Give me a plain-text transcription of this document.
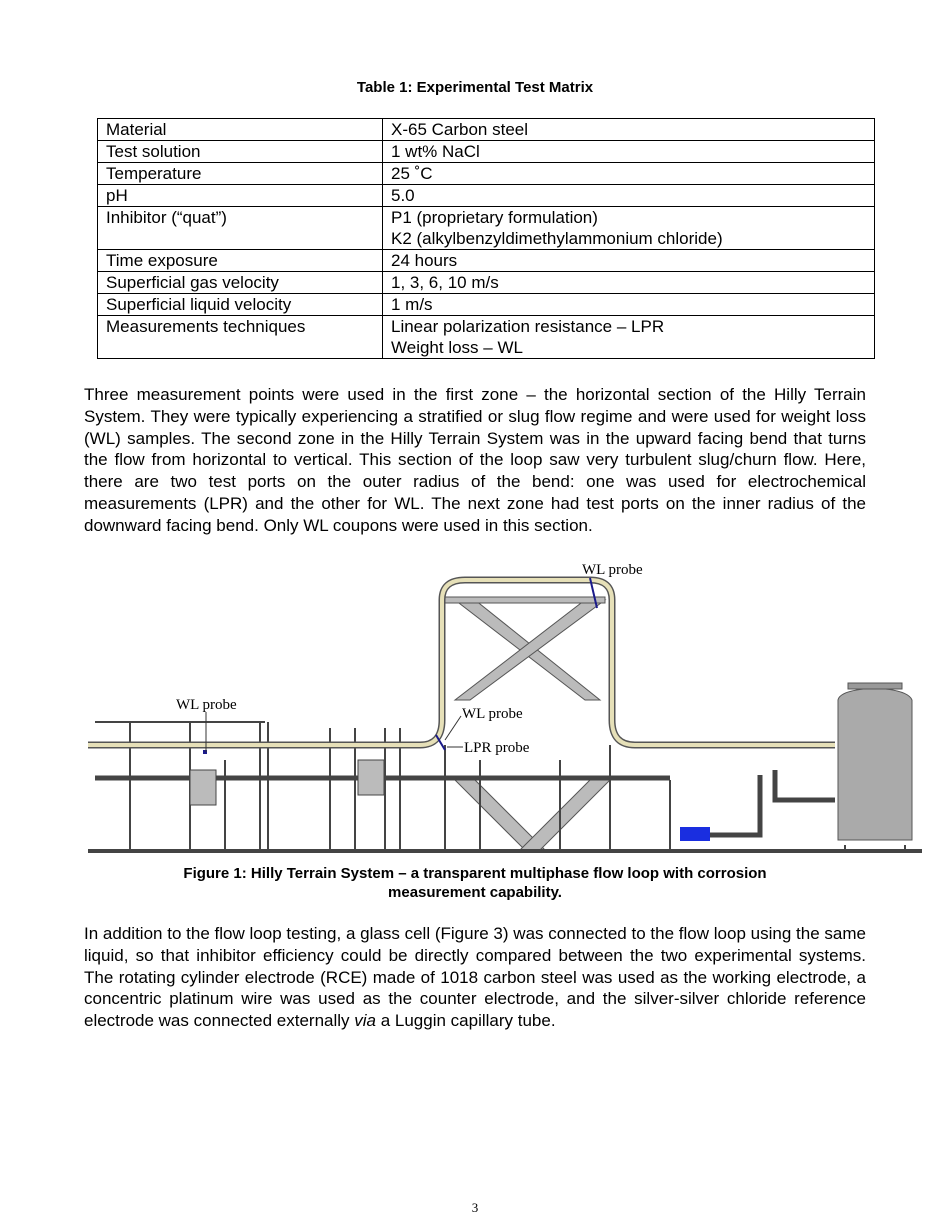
Table 1: Experimental Test Matrix
Material	X-65 Carbon steel

Test solution	1 wt% NaCl

Temperature	25 ˚C

pH	5.0

Inhibitor (“quat”)	P1 (proprietary formulation)
K2 (alkylbenzyldimethylammonium chloride)

Time exposure	24 hours

Superficial gas velocity	1, 3, 6, 10 m/s

Superficial liquid velocity	1 m/s

Measurements techniques	Linear polarization resistance – LPR
Weight loss – WL
Three measurement points were used in the first zone – the horizontal section of the Hilly Terrain System. They were typically experiencing a stratified or slug flow regime and were used for weight loss (WL) samples. The second zone in the Hilly Terrain System was in the upward facing bend that turns the flow from horizontal to vertical. This section of the loop saw very turbulent slug/churn flow. Here, there are two test ports on the outer radius of the bend: one was used for electrochemical measurements (LPR) and the other for WL. The next zone had test ports on the inner radius of the downward facing bend. Only WL coupons were used in this section.
WL probe
WL probe
WL probe
LPR probe
Figure 1: Hilly Terrain System – a transparent multiphase flow loop with corrosion
measurement capability.
In addition to the flow loop testing, a glass cell (Figure 3) was connected to the flow loop using the same liquid, so that inhibitor efficiency could be directly compared between the two experimental systems. The rotating cylinder electrode (RCE) made of 1018 carbon steel was used as the working electrode, a concentric platinum wire was used as the counter electrode, and the silver-silver chloride reference electrode was connected externally via a Luggin capillary tube.
3
